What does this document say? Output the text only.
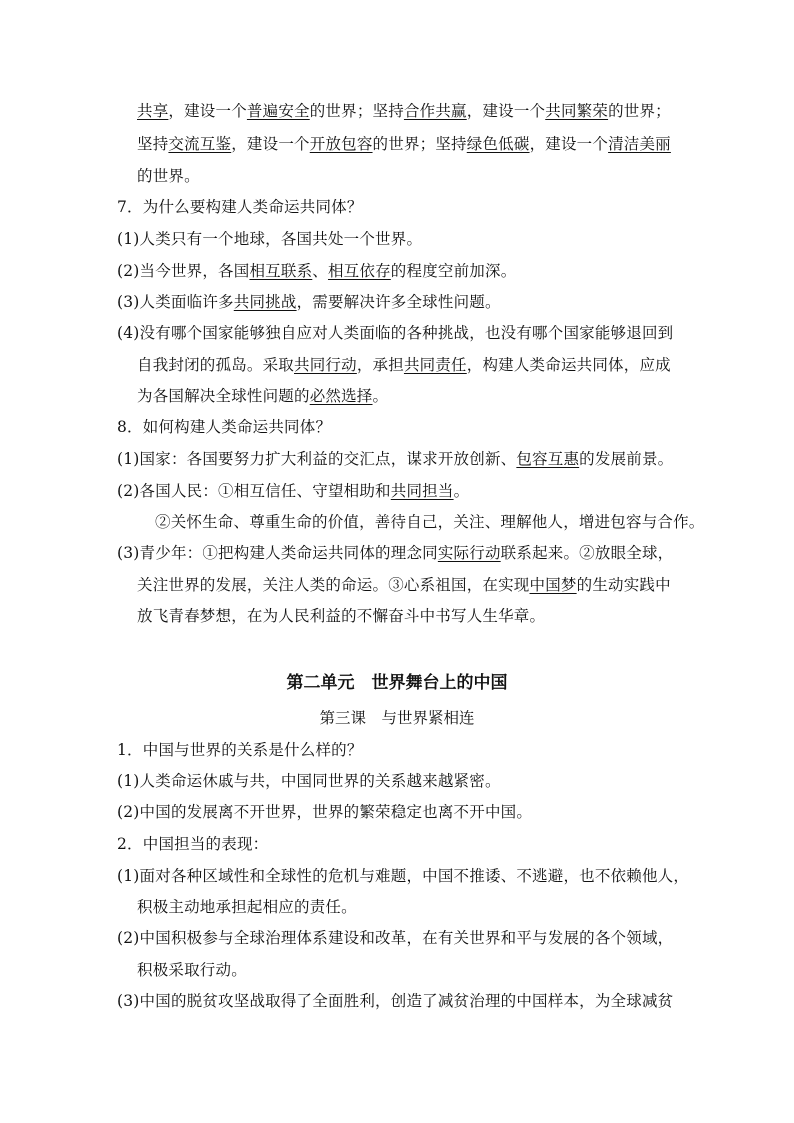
共享，建设一个普遍安全的世界；坚持合作共赢，建设一个共同繁荣的世界；
坚持交流互鉴，建设一个开放包容的世界；坚持绿色低碳，建设一个清洁美丽
的世界。
7．为什么要构建人类命运共同体？
(1)人类只有一个地球，各国共处一个世界。
(2)当今世界，各国相互联系、相互依存的程度空前加深。
(3)人类面临许多共同挑战，需要解决许多全球性问题。
(4)没有哪个国家能够独自应对人类面临的各种挑战，也没有哪个国家能够退回到
自我封闭的孤岛。采取共同行动，承担共同责任，构建人类命运共同体，应成
为各国解决全球性问题的必然选择。
8．如何构建人类命运共同体？
(1)国家：各国要努力扩大利益的交汇点，谋求开放创新、包容互惠的发展前景。
(2)各国人民：①相互信任、守望相助和共同担当。
②关怀生命、尊重生命的价值，善待自己，关注、理解他人，增进包容与合作。
(3)青少年：①把构建人类命运共同体的理念同实际行动联系起来。②放眼全球，
关注世界的发展，关注人类的命运。③心系祖国，在实现中国梦的生动实践中
放飞青春梦想，在为人民利益的不懈奋斗中书写人生华章。
1．中国与世界的关系是什么样的？
(1)人类命运休戚与共，中国同世界的关系越来越紧密。
(2)中国的发展离不开世界，世界的繁荣稳定也离不开中国。
2．中国担当的表现：
(1)面对各种区域性和全球性的危机与难题，中国不推诿、不逃避，也不依赖他人，
积极主动地承担起相应的责任。
(2)中国积极参与全球治理体系建设和改革，在有关世界和平与发展的各个领域，
积极采取行动。
(3)中国的脱贫攻坚战取得了全面胜利，创造了减贫治理的中国样本，为全球减贫
第二单元　世界舞台上的中国
第三课　与世界紧相连
